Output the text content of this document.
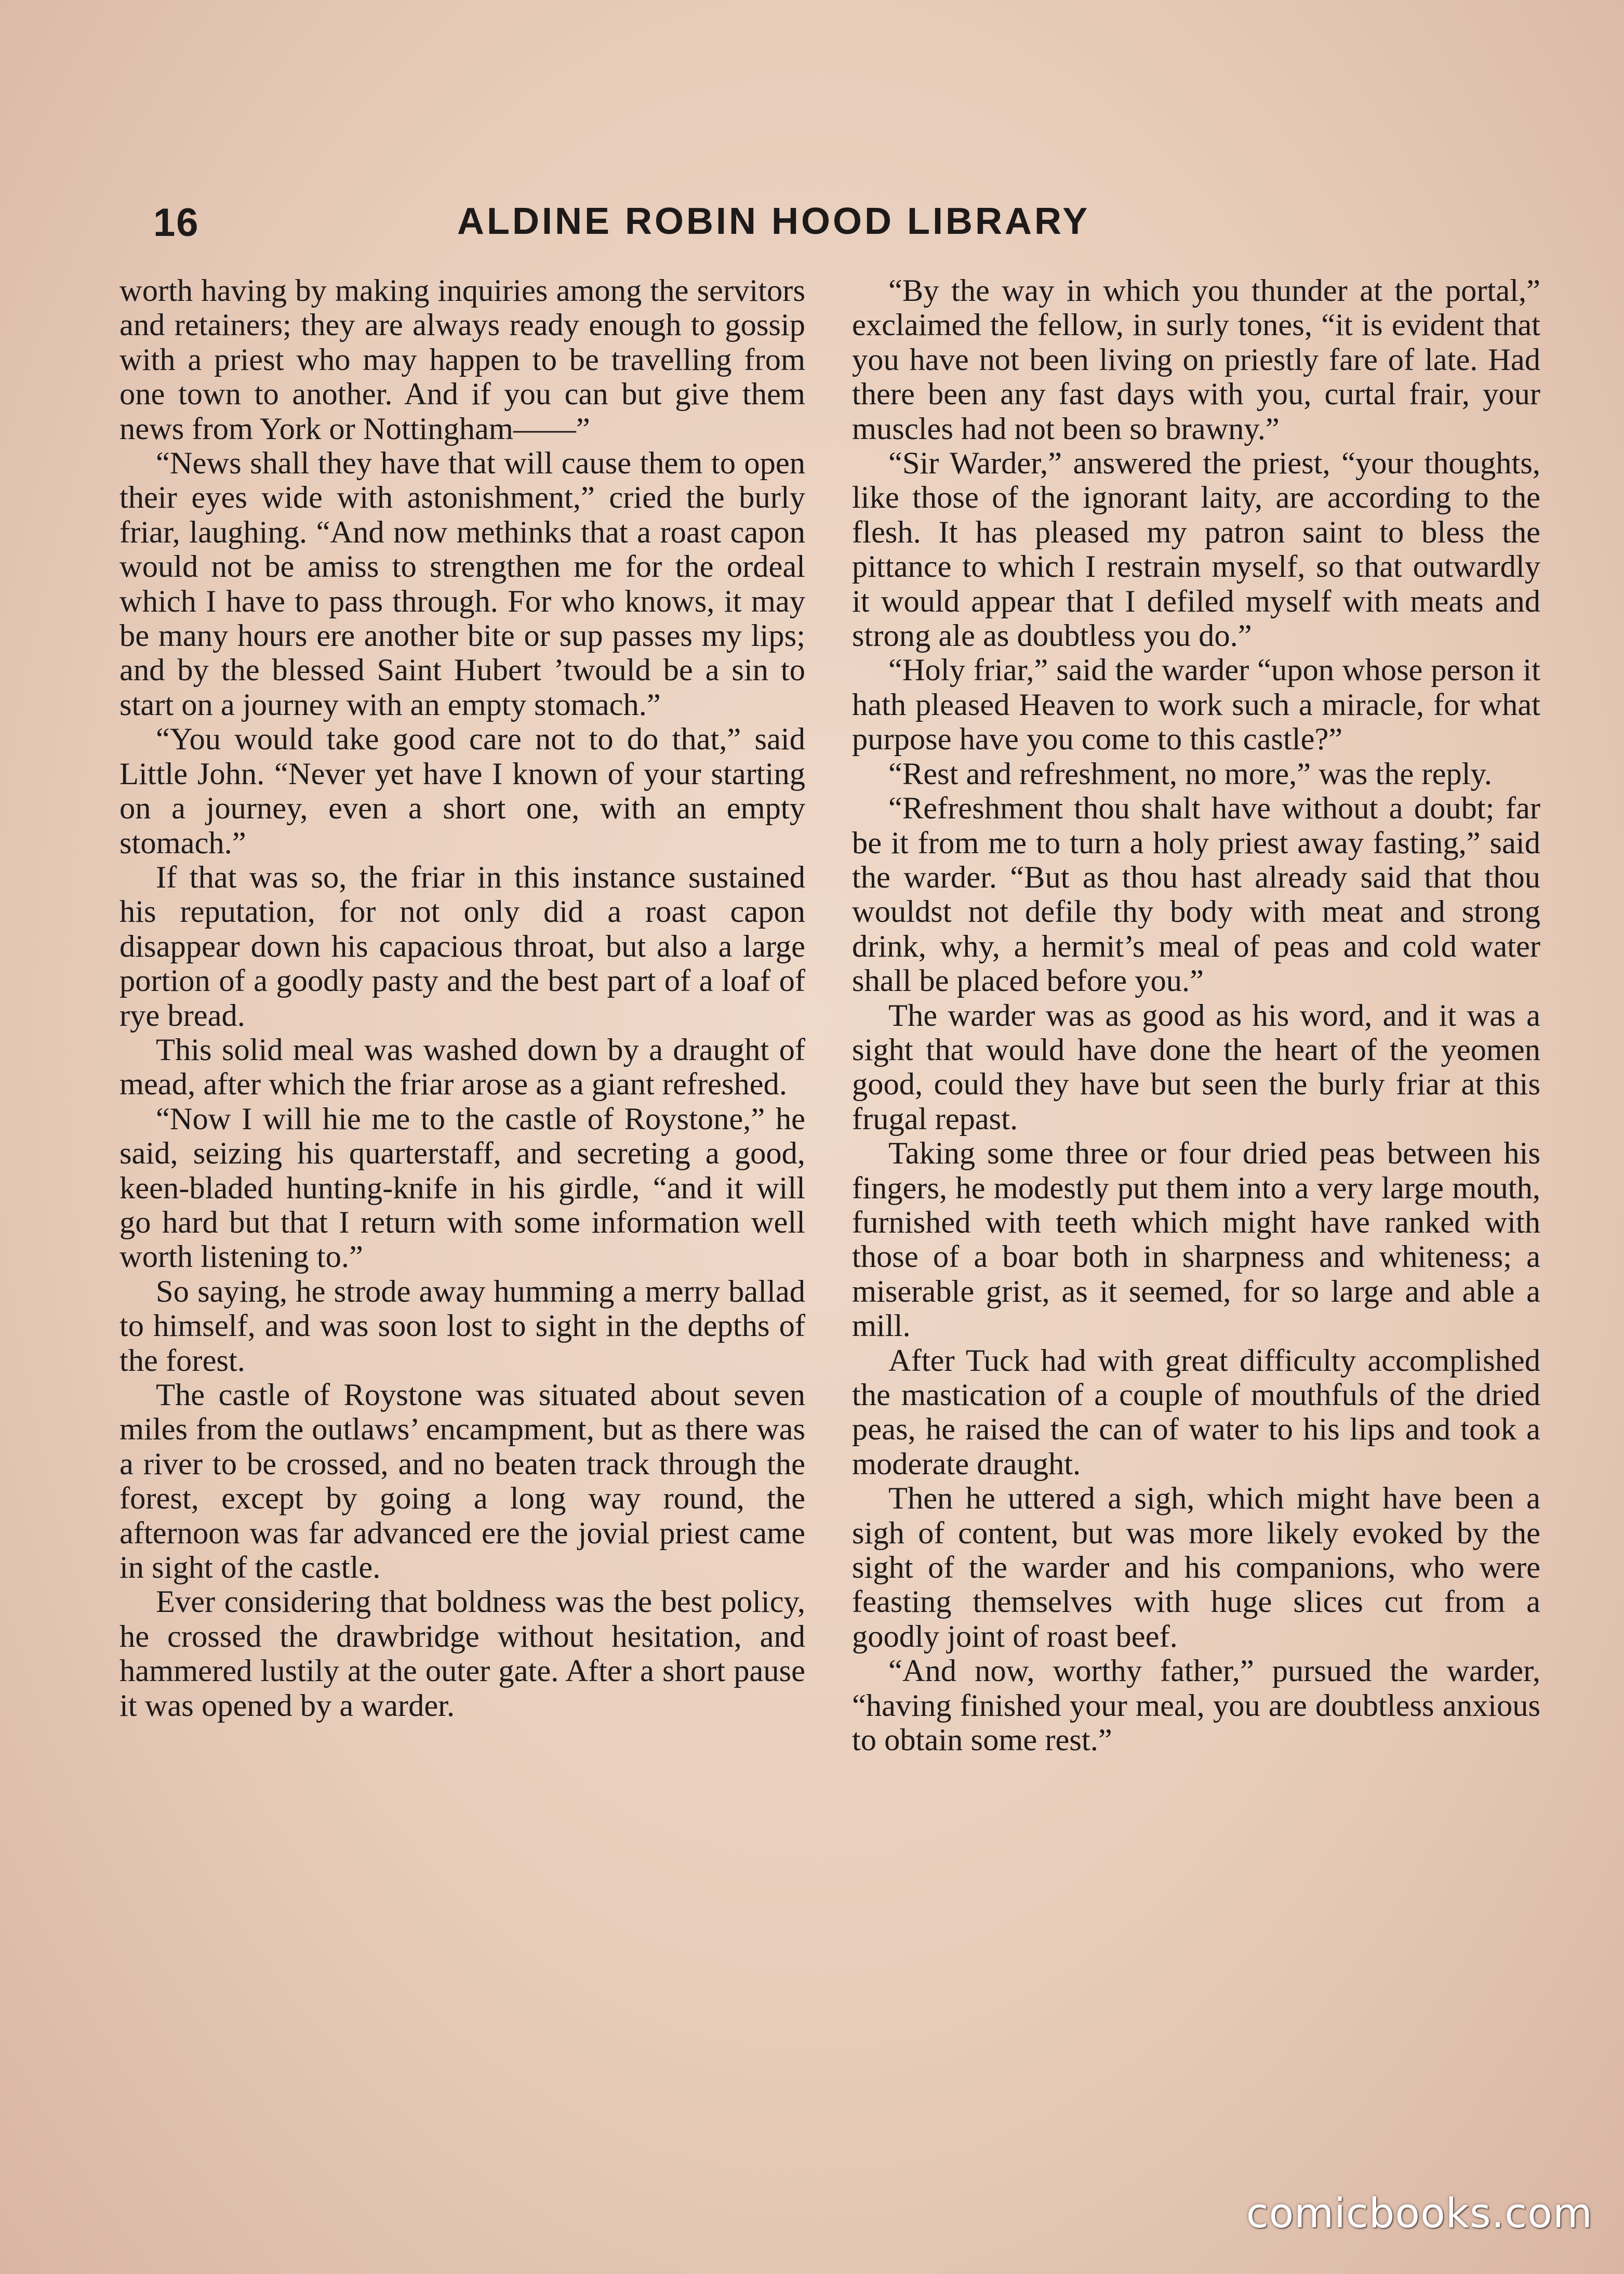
16	ALDINE ROBIN HOOD LIBRARY

worth having by making inquiries among the servitors and retainers; they are always ready enough to gossip with a priest who may happen to be travelling from one town to another. And if you can but give them news from York or Nottingham——”

“News shall they have that will cause them to open their eyes wide with astonishment,” cried the burly friar, laughing. “And now methinks that a roast capon would not be amiss to strengthen me for the ordeal which I have to pass through. For who knows, it may be many hours ere another bite or sup passes my lips; and by the blessed Saint Hubert ’twould be a sin to start on a journey with an empty stomach.”

“You would take good care not to do that,” said Little John. “Never yet have I known of your starting on a journey, even a short one, with an empty stomach.”

If that was so, the friar in this instance sustained his reputation, for not only did a roast capon disappear down his capacious throat, but also a large portion of a goodly pasty and the best part of a loaf of rye bread.

This solid meal was washed down by a draught of mead, after which the friar arose as a giant refreshed.

“Now I will hie me to the castle of Roystone,” he said, seizing his quarterstaff, and secreting a good, keen-bladed hunting-knife in his girdle, “and it will go hard but that I return with some information well worth listening to.”

So saying, he strode away humming a merry ballad to himself, and was soon lost to sight in the depths of the forest.

The castle of Roystone was situated about seven miles from the outlaws’ encampment, but as there was a river to be crossed, and no beaten track through the forest, except by going a long way round, the afternoon was far advanced ere the jovial priest came in sight of the castle.

Ever considering that boldness was the best policy, he crossed the drawbridge without hesitation, and hammered lustily at the outer gate. After a short pause it was opened by a warder.

“By the way in which you thunder at the portal,” exclaimed the fellow, in surly tones, “it is evident that you have not been living on priestly fare of late. Had there been any fast days with you, curtal frair, your muscles had not been so brawny.”

“Sir Warder,” answered the priest, “your thoughts, like those of the ignorant laity, are according to the flesh. It has pleased my patron saint to bless the pittance to which I restrain myself, so that outwardly it would appear that I defiled myself with meats and strong ale as doubtless you do.”

“Holy friar,” said the warder “upon whose person it hath pleased Heaven to work such a miracle, for what purpose have you come to this castle?”

“Rest and refreshment, no more,” was the reply.

“Refreshment thou shalt have without a doubt; far be it from me to turn a holy priest away fasting,” said the warder. “But as thou hast already said that thou wouldst not defile thy body with meat and strong drink, why, a hermit’s meal of peas and cold water shall be placed before you.”

The warder was as good as his word, and it was a sight that would have done the heart of the yeomen good, could they have but seen the burly friar at this frugal repast.

Taking some three or four dried peas between his fingers, he modestly put them into a very large mouth, furnished with teeth which might have ranked with those of a boar both in sharpness and whiteness; a miserable grist, as it seemed, for so large and able a mill.

After Tuck had with great difficulty accomplished the mastication of a couple of mouthfuls of the dried peas, he raised the can of water to his lips and took a moderate draught.

Then he uttered a sigh, which might have been a sigh of content, but was more likely evoked by the sight of the warder and his companions, who were feasting themselves with huge slices cut from a goodly joint of roast beef.

“And now, worthy father,” pursued the warder, “having finished your meal, you are doubtless anxious to obtain some rest.”

comicbooks.com
